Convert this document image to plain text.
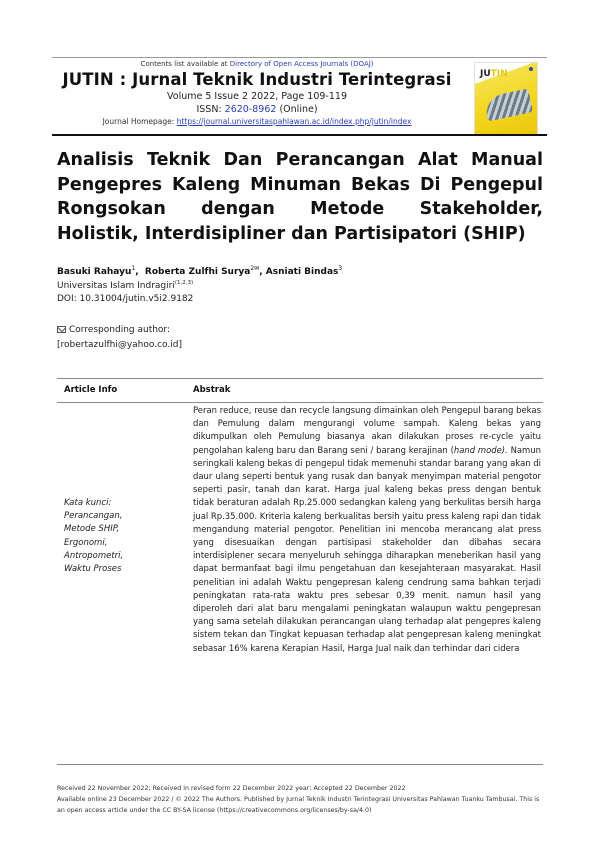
Contents list available at Directory of Open Access Journals (DOAJ)
JUTIN : Jurnal Teknik Industri Terintegrasi
Volume 5 Issue 2 2022, Page 109-119
ISSN: 2620-8962 (Online)
Journal Homepage: https://journal.universitaspahlawan.ac.id/index.php/jutin/index
JUTIN
Analisis Teknik Dan Perancangan Alat Manual Pengepres Kaleng Minuman Bekas Di Pengepul Rongsokan dengan Metode Stakeholder, Holistik, Interdisipliner dan Partisipatori (SHIP)
Basuki Rahayu$^1$,  Roberta Zulfhi Surya$^{2✉}$, Asniati Bindas$^3$
Universitas Islam Indragiri$^{(1,2,3)}$
DOI: 10.31004/jutin.v5i2.9182
Corresponding author:
[robertazulfhi@yahoo.co.id]
Article Info	Abstrak
Kata kunci:
Perancangan,
Metode SHIP,
Ergonomi,
Antropometri,
Waktu Proses
Peran reduce, reuse dan recycle langsung dimainkan oleh Pengepul barang bekas dan Pemulung dalam mengurangi volume sampah. Kaleng bekas yang dikumpulkan oleh Pemulung biasanya akan dilakukan proses re-cycle yaitu pengolahan kaleng baru dan Barang seni / barang kerajinan (hand mode). Namun seringkali kaleng bekas di pengepul tidak memenuhi standar barang yang akan di daur ulang seperti bentuk yang rusak dan banyak menyimpan material pengotor seperti pasir, tanah dan karat. Harga jual kaleng bekas press dengan bentuk tidak beraturan adalah Rp.25.000 sedangkan kaleng yang berkulitas bersih harga jual Rp.35.000. Kriteria kaleng berkualitas bersih yaitu press kaleng rapi dan tidak mengandung material pengotor. Penelitian ini mencoba merancang alat press yang disesuaikan dengan partisipasi stakeholder dan dibahas secara interdisiplener secara menyeluruh sehingga diharapkan meneberikan hasil yang dapat bermanfaat bagi ilmu pengetahuan dan kesejahteraan masyarakat. Hasil penelitian ini adalah Waktu pengepresan kaleng cendrung sama bahkan terjadi peningkatan rata-rata waktu pres sebesar 0,39 menit. namun hasil yang diperoleh dari alat baru mengalami peningkatan walaupun waktu pengepresan yang sama setelah dilakukan perancangan ulang terhadap alat pengepres kaleng sistem tekan dan Tingkat kepuasan terhadap alat pengepresan kaleng meningkat sebasar 16% karena Kerapian Hasil, Harga Jual naik dan terhindar dari cidera
Received 22 November 2022; Received in revised form 22 December 2022 year; Accepted 22 December 2022
Available online 23 December 2022 / © 2022 The Authors. Published by Jurnal Teknik Industri Terintegrasi Universitas Pahlawan Tuanku Tambusai. This is an open access article under the CC BY-SA license (https://creativecommons.org/licenses/by-sa/4.0)
